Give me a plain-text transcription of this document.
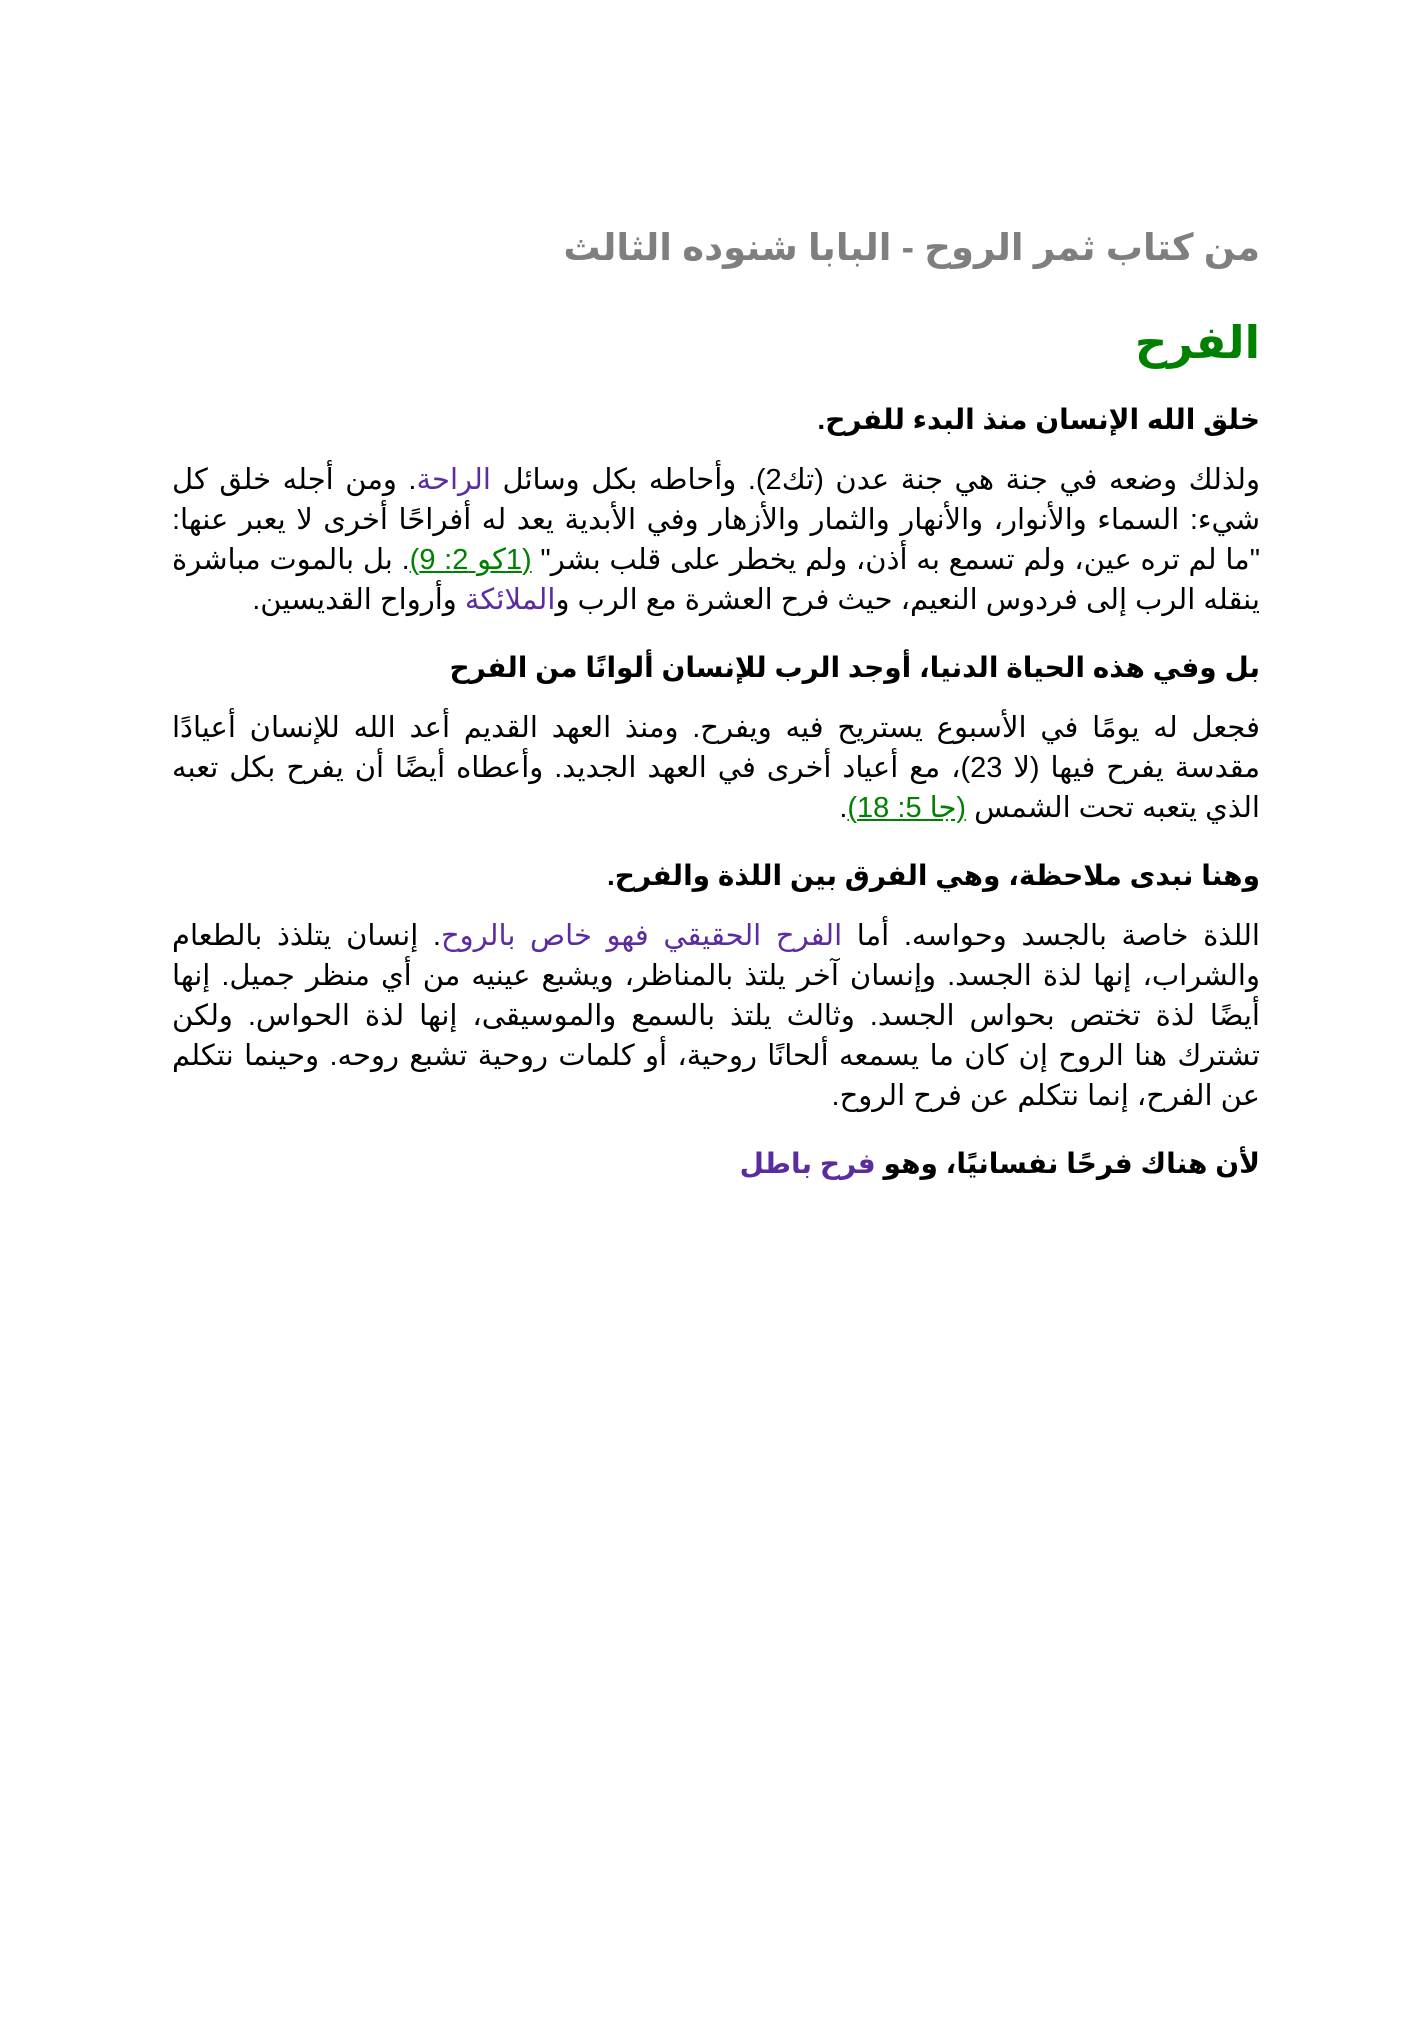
من كتاب ثمر الروح - البابا شنوده الثالث
الفرح
خلق الله الإنسان منذ البدء للفرح.
ولذلك وضعه في جنة هي جنة عدن (تك2). وأحاطه بكل وسائل الراحة. ومن أجله خلق كل شيء: السماء والأنوار، والأنهار والثمار والأزهار وفي الأبدية يعد له أفراحًا أخرى لا يعبر عنها: "ما لم تره عين، ولم تسمع به أذن، ولم يخطر على قلب بشر" (1كو 2: 9). بل بالموت مباشرة ينقله الرب إلى فردوس النعيم، حيث فرح العشرة مع الرب والملائكة وأرواح القديسين.
بل وفي هذه الحياة الدنيا، أوجد الرب للإنسان ألوانًا من الفرح
فجعل له يومًا في الأسبوع يستريح فيه ويفرح. ومنذ العهد القديم أعد الله للإنسان أعيادًا مقدسة يفرح فيها (لا 23)، مع أعياد أخرى في العهد الجديد. وأعطاه أيضًا أن يفرح بكل تعبه الذي يتعبه تحت الشمس (جا 5: 18).
وهنا نبدى ملاحظة، وهي الفرق بين اللذة والفرح.
اللذة خاصة بالجسد وحواسه. أما الفرح الحقيقي فهو خاص بالروح. إنسان يتلذذ بالطعام والشراب، إنها لذة الجسد. وإنسان آخر يلتذ بالمناظر، ويشبع عينيه من أي منظر جميل. إنها أيضًا لذة تختص بحواس الجسد. وثالث يلتذ بالسمع والموسيقى، إنها لذة الحواس. ولكن تشترك هنا الروح إن كان ما يسمعه ألحانًا روحية، أو كلمات روحية تشبع روحه. وحينما نتكلم عن الفرح، إنما نتكلم عن فرح الروح.
لأن هناك فرحًا نفسانيًا، وهو فرح باطل
